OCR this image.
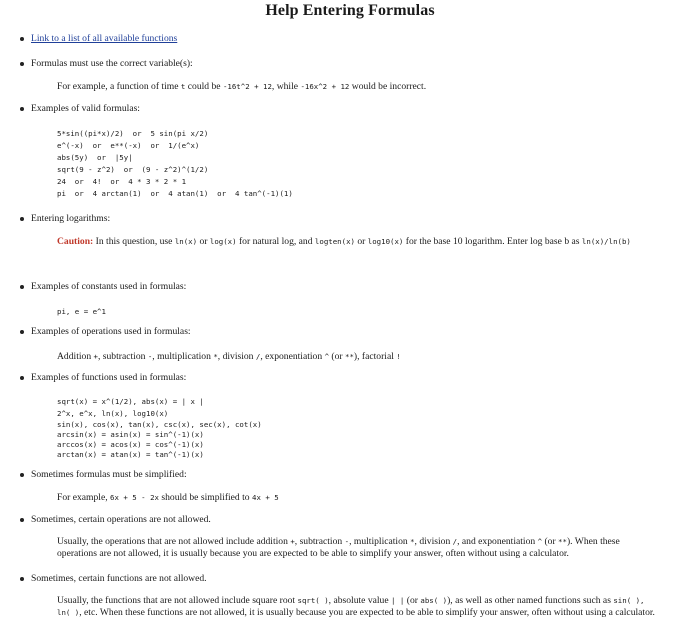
Help Entering Formulas
Link to a list of all available functions
Formulas must use the correct variable(s):
For example, a function of time t could be -16t^2 + 12, while -16x^2 + 12 would be incorrect.
Examples of valid formulas:
5*sin((pi*x)/2)  or  5 sin(pi x/2)
e^(-x)  or  e**(-x)  or  1/(e^x)
abs(5y)  or  |5y|
sqrt(9 - z^2)  or  (9 - z^2)^(1/2)
24  or  4!  or  4 * 3 * 2 * 1
pi  or  4 arctan(1)  or  4 atan(1)  or  4 tan^(-1)(1)
Entering logarithms:
Caution: In this question, use ln(x) or log(x) for natural log, and logten(x) or log10(x) for the base 10 logarithm. Enter log base b as ln(x)/ln(b)
Examples of constants used in formulas:
pi, e = e^1
Examples of operations used in formulas:
Addition +, subtraction -, multiplication *, division /, exponentiation ^ (or **), factorial !
Examples of functions used in formulas:
sqrt(x) = x^(1/2), abs(x) = | x |
2^x, e^x, ln(x), log10(x)
sin(x), cos(x), tan(x), csc(x), sec(x), cot(x)
arcsin(x) = asin(x) = sin^(-1)(x)
arccos(x) = acos(x) = cos^(-1)(x)
arctan(x) = atan(x) = tan^(-1)(x)
Sometimes formulas must be simplified:
For example, 6x + 5 - 2x should be simplified to 4x + 5
Sometimes, certain operations are not allowed.
Usually, the operations that are not allowed include addition +, subtraction -, multiplication *, division /, and exponentiation ^ (or **). When these operations are not allowed, it is usually because you are expected to be able to simplify your answer, often without using a calculator.
Sometimes, certain functions are not allowed.
Usually, the functions that are not allowed include square root sqrt( ), absolute value | | (or abs( )), as well as other named functions such as sin( ), ln( ), etc. When these functions are not allowed, it is usually because you are expected to be able to simplify your answer, often without using a calculator.
